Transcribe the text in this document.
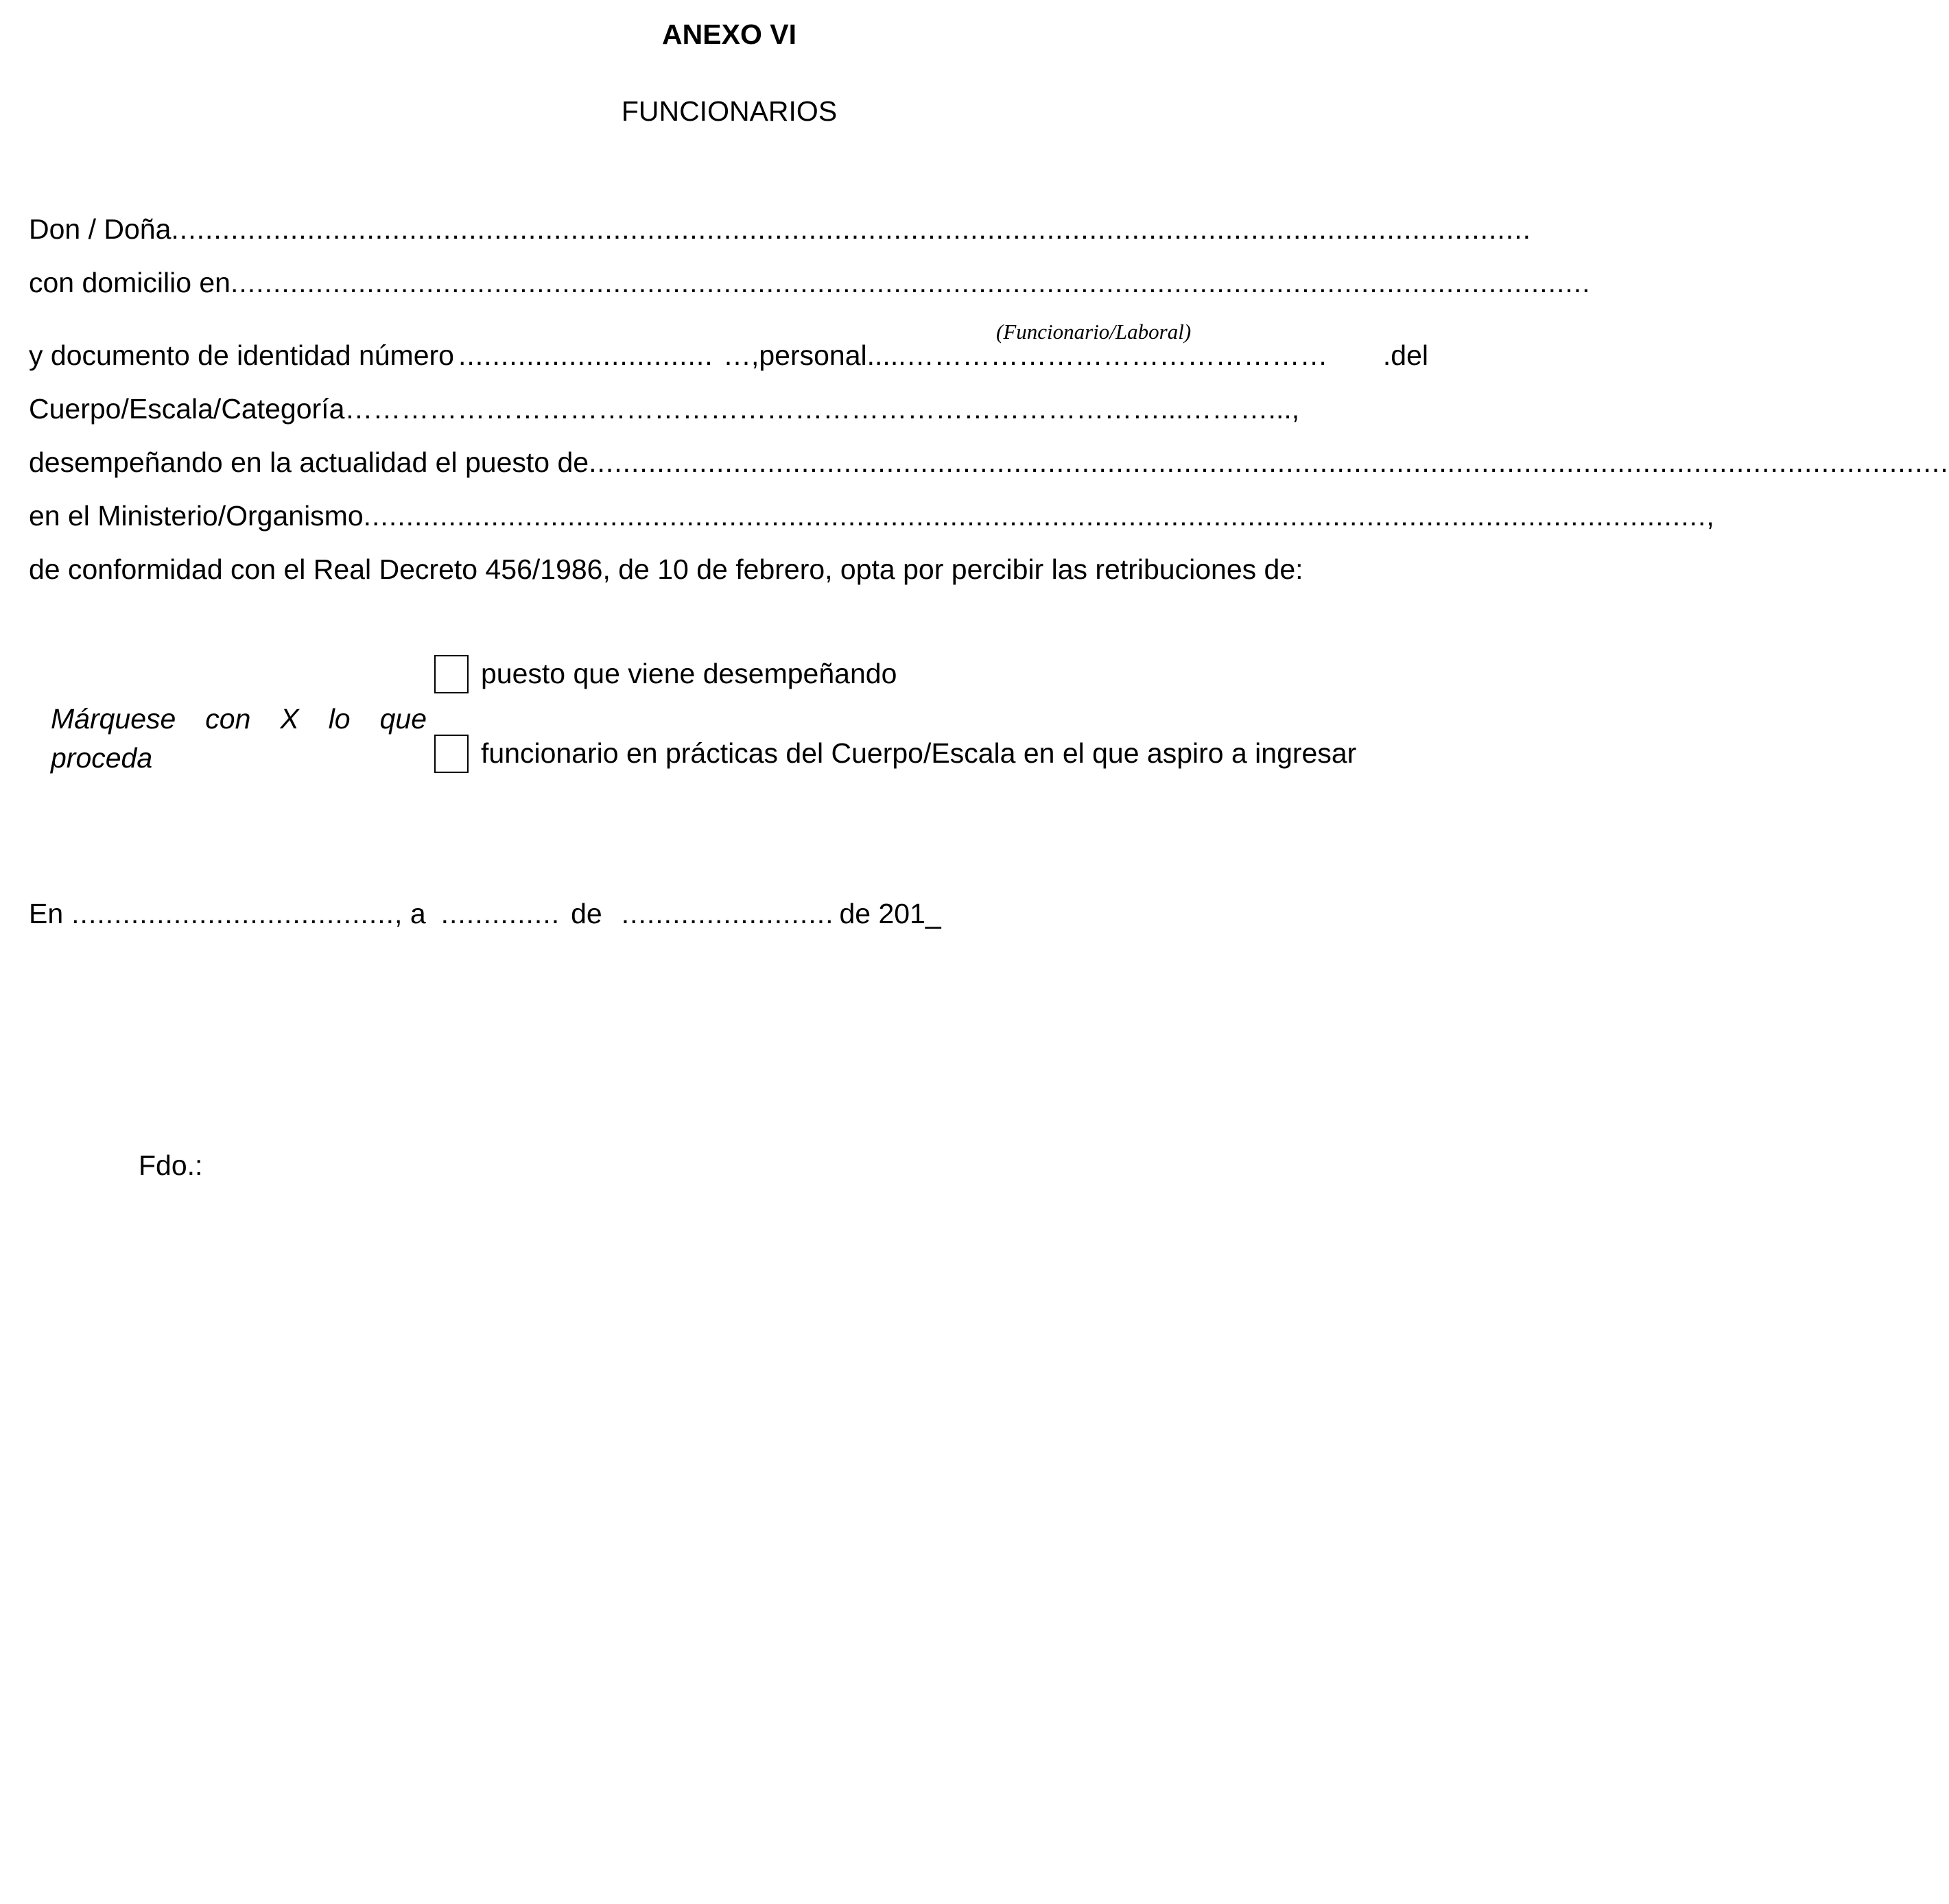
ANEXO VI
FUNCIONARIOS
Don / Doña ................................................................................................................................................................
con domicilio en ................................................................................................................................................................
(Funcionario/Laboral)
y documento de identidad número .............................. …,personal. ....……………………………………… .del
Cuerpo/Escala/Categoría ……………………………………………………………………………...………...,
desempeñando en la actualidad el puesto de ................................................................................................................................................................
en el Ministerio/Organismo ..............................................................................................................................................................,
de conformidad con el Real Decreto 456/1986, de 10 de febrero, opta por percibir las retribuciones de:
Márquese con X lo que
proceda
puesto que viene desempeñando
funcionario en prácticas del Cuerpo/Escala en el que aspiro a ingresar
En ...................................... , a .............. de ......................... de 201_
Fdo.:
